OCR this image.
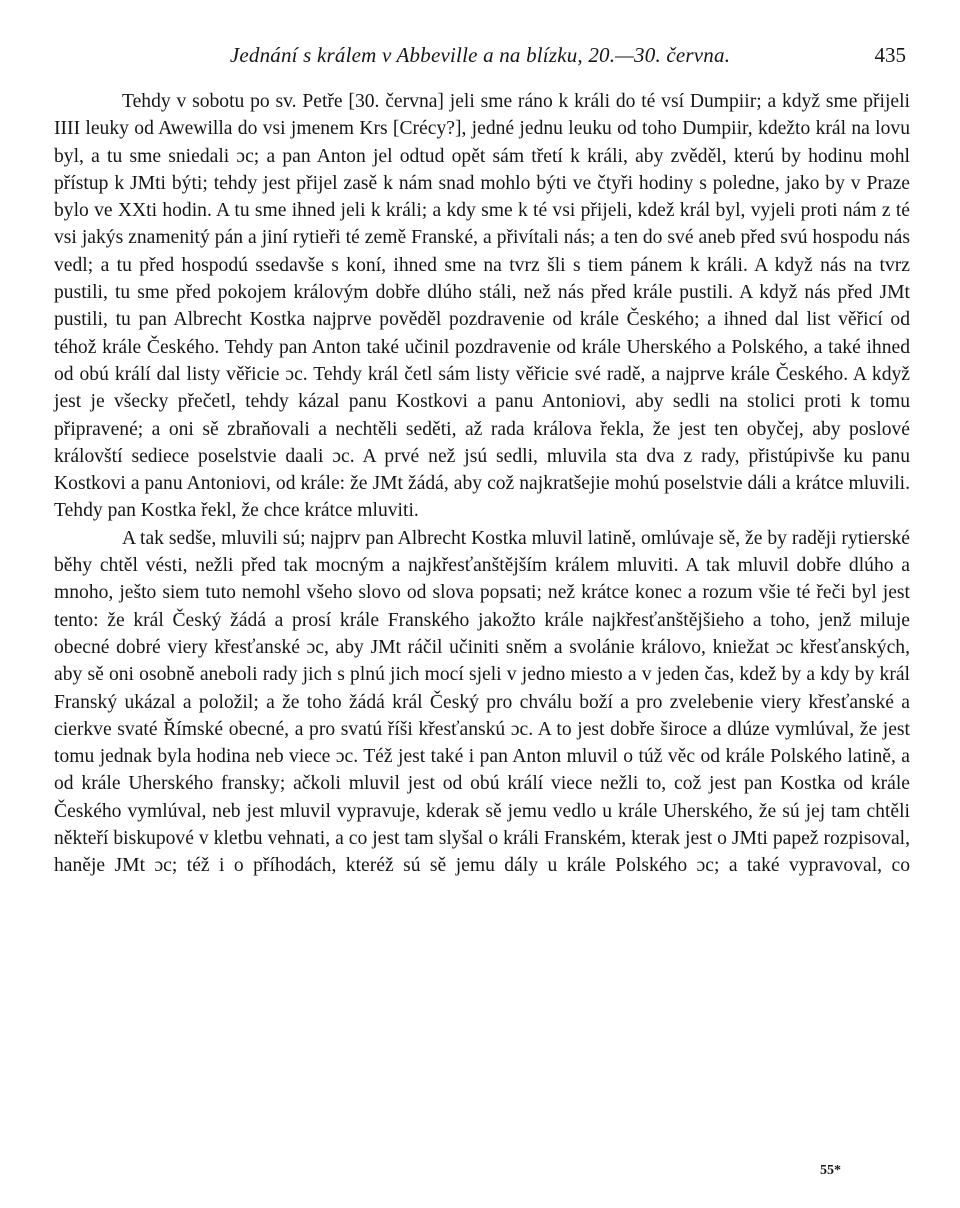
Jednání s králem v Abbeville a na blízku, 20.—30. června.	435

Tehdy v sobotu po sv. Petře [30. června] jeli sme ráno k králi do té vsí Dumpiir; a když sme přijeli IIII leuky od Awewilla do vsi jmenem Krs [Crécy?], jedné jednu leuku od toho Dumpiir, kdežto král na lovu byl, a tu sme sniedali ɔc; a pan Anton jel odtud opět sám třetí k králi, aby zvěděl, kterú by hodinu mohl přístup k JMti býti; tehdy jest přijel zasě k nám snad mohlo býti ve čtyři hodiny s poledne, jako by v Praze bylo ve XXti hodin. A tu sme ihned jeli k králi; a kdy sme k té vsi přijeli, kdež král byl, vyjeli proti nám z té vsi jakýs znamenitý pán a jiní rytieři té země Franské, a přivítali nás; a ten do své aneb před svú hospodu nás vedl; a tu před hospodú ssedavše s koní, ihned sme na tvrz šli s tiem pánem k králi. A když nás na tvrz pustili, tu sme před pokojem královým dobře dlúho stáli, než nás před krále pustili. A když nás před JMt pustili, tu pan Albrecht Kostka najprve pověděl pozdravenie od krále Českého; a ihned dal list věřicí od téhož krále Českého. Tehdy pan Anton také učinil pozdravenie od krále Uherského a Polského, a také ihned od obú králí dal listy věřicie ɔc. Tehdy král četl sám listy věřicie své radě, a najprve krále Českého. A když jest je všecky přečetl, tehdy kázal panu Kostkovi a panu Antoniovi, aby sedli na stolici proti k tomu připravené; a oni sě zbraňovali a nechtěli seděti, až rada králova řekla, že jest ten obyčej, aby poslové královští sediece poselstvie daali ɔc. A prvé než jsú sedli, mluvila sta dva z rady, přistúpivše ku panu Kostkovi a panu Antoniovi, od krále: že JMt žádá, aby což najkratšejie mohú poselstvie dáli a krátce mluvili. Tehdy pan Kostka řekl, že chce krátce mluviti.

A tak sedše, mluvili sú; najprv pan Albrecht Kostka mluvil latině, omlúvaje sě, že by raději rytierské běhy chtěl vésti, nežli před tak mocným a najkřesťanštějším králem mluviti. A tak mluvil dobře dlúho a mnoho, ješto siem tuto nemohl všeho slovo od slova popsati; než krátce konec a rozum všie té řeči byl jest tento: že král Český žádá a prosí krále Franského jakožto krále najkřesťanštějšieho a toho, jenž miluje obecné dobré viery křesťanské ɔc, aby JMt ráčil učiniti sněm a svolánie královo, kniežat ɔc křesťanských, aby sě oni osobně aneboli rady jich s plnú jich mocí sjeli v jedno miesto a v jeden čas, kdež by a kdy by král Franský ukázal a položil; a že toho žádá král Český pro chválu boží a pro zvelebenie viery křesťanské a cierkve svaté Římské obecné, a pro svatú říši křesťanskú ɔc. A to jest dobře široce a dlúze vymlúval, že jest tomu jednak byla hodina neb viece ɔc. Též jest také i pan Anton mluvil o túž věc od krále Polského latině, a od krále Uherského fransky; ačkoli mluvil jest od obú králí viece nežli to, což jest pan Kostka od krále Českého vymlúval, neb jest mluvil vypravuje, kderak sě jemu vedlo u krále Uherského, že sú jej tam chtěli někteří biskupové v kletbu vehnati, a co jest tam slyšal o králi Franském, kterak jest o JMti papež rozpisoval, haněje JMt ɔc; též i o příhodách, kteréž sú sě jemu dály u krále Polského ɔc; a také vypravoval, co

55*
